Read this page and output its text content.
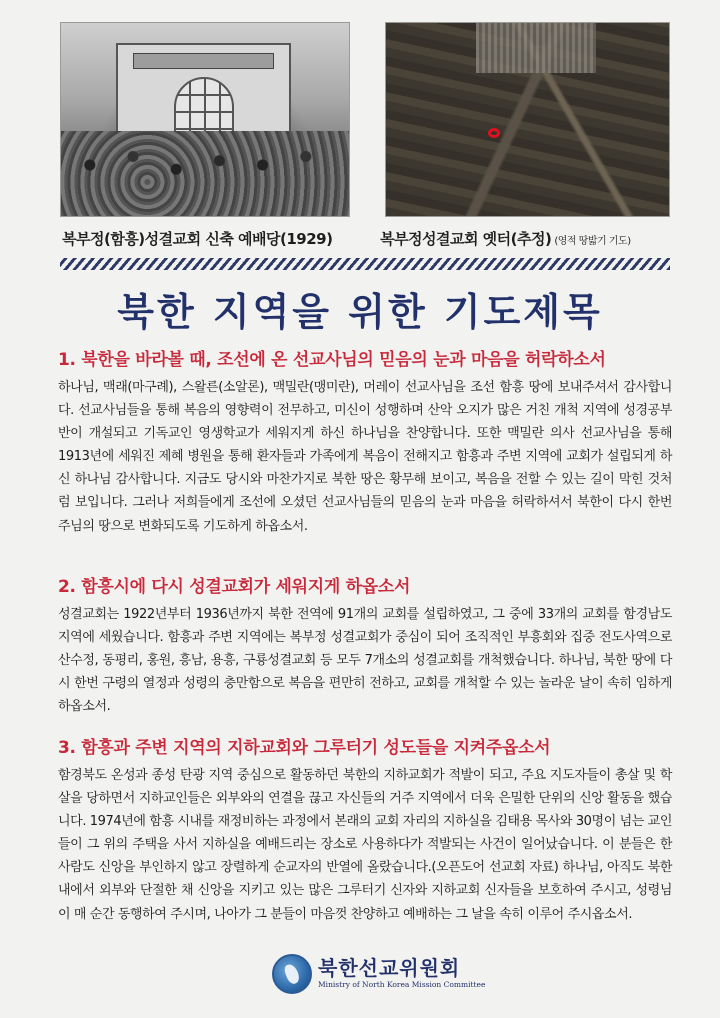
복부정(함흥)성결교회 신축 예배당(1929)	복부정성결교회 옛터(추정) (영적 땅밟기 기도)
북한 지역을 위한 기도제목
1. 북한을 바라볼 때, 조선에 온 선교사님의 믿음의 눈과 마음을 허락하소서

하나님, 맥래(마구례), 스왈른(소알론), 맥밀란(맹미란), 머레이 선교사님을 조선 함흥 땅에 보내주셔서 감사합니다. 선교사님들을 통해 복음의 영향력이 전무하고, 미신이 성행하며 산악 오지가 많은 거친 개척 지역에 성경공부반이 개설되고 기독교인 영생학교가 세워지게 하신 하나님을 찬양합니다. 또한 맥밀란 의사 선교사님을 통해 1913년에 세워진 제혜 병원을 통해 환자들과 가족에게 복음이 전해지고 함흥과 주변 지역에 교회가 설립되게 하신 하나님 감사합니다. 지금도 당시와 마찬가지로 북한 땅은 황무해 보이고, 복음을 전할 수 있는 길이 막힌 것처럼 보입니다. 그러나 저희들에게 조선에 오셨던 선교사님들의 믿음의 눈과 마음을 허락하셔서 북한이 다시 한번 주님의 땅으로 변화되도록 기도하게 하옵소서.

2. 함흥시에 다시 성결교회가 세워지게 하옵소서

성결교회는 1922년부터 1936년까지 북한 전역에 91개의 교회를 설립하였고, 그 중에 33개의 교회를 함경남도 지역에 세웠습니다. 함흥과 주변 지역에는 복부정 성결교회가 중심이 되어 조직적인 부흥회와 집중 전도사역으로 산수정, 동평리, 홍원, 흥남, 용흥, 구룡성결교회 등 모두 7개소의 성결교회를 개척했습니다. 하나님, 북한 땅에 다시 한번 구령의 열정과 성령의 충만함으로 복음을 편만히 전하고, 교회를 개척할 수 있는 놀라운 날이 속히 임하게 하옵소서.

3. 함흥과 주변 지역의 지하교회와 그루터기 성도들을 지켜주옵소서

함경북도 온성과 종성 탄광 지역 중심으로 활동하던 북한의 지하교회가 적발이 되고, 주요 지도자들이 총살 및 학살을 당하면서 지하교인들은 외부와의 연결을 끊고 자신들의 거주 지역에서 더욱 은밀한 단위의 신앙 활동을 했습니다. 1974년에 함흥 시내를 재정비하는 과정에서 본래의 교회 자리의 지하실을 김태용 목사와 30명이 넘는 교인들이 그 위의 주택을 사서 지하실을 예배드리는 장소로 사용하다가 적발되는 사건이 일어났습니다. 이 분들은 한 사람도 신앙을 부인하지 않고 장렬하게 순교자의 반열에 올랐습니다.(오픈도어 선교회 자료) 하나님, 아직도 북한 내에서 외부와 단절한 채 신앙을 지키고 있는 많은 그루터기 신자와 지하교회 신자들을 보호하여 주시고, 성령님이 매 순간 동행하여 주시며, 나아가 그 분들이 마음껏 찬양하고 예배하는 그 날을 속히 이루어 주시옵소서.

북한선교위원회
Ministry of North Korea Mission Committee
